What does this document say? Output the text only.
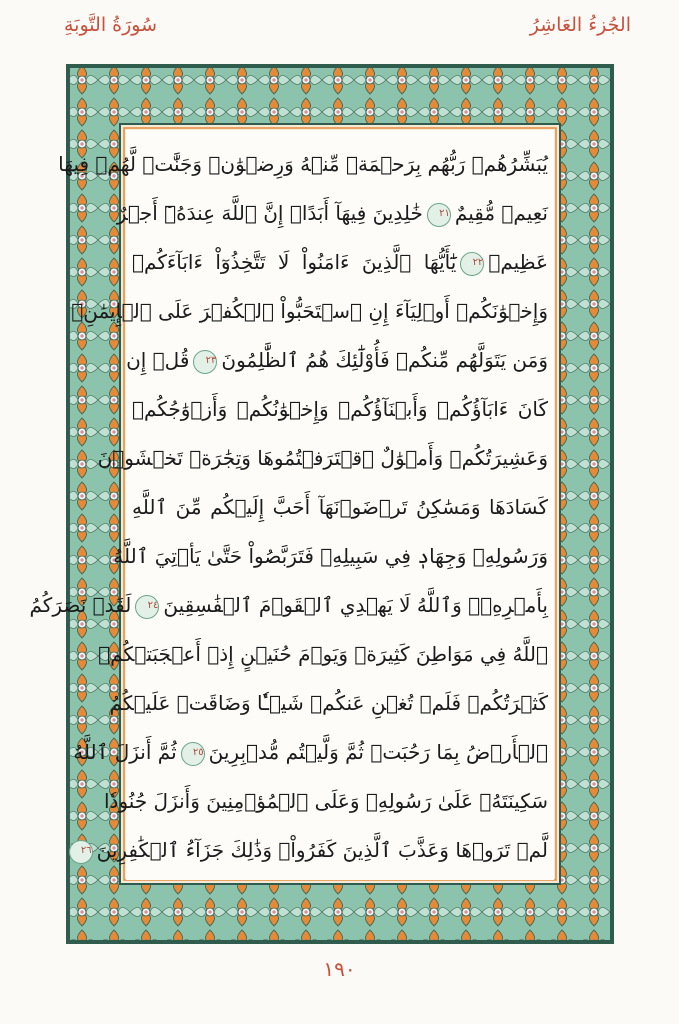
الجُزءُ العَاشِرُ
سُورَةُ التَّوبَةِ
يُبَشِّرُهُمۡ رَبُّهُم بِرَحۡمَةٖ مِّنۡهُ وَرِضۡوَٰنٖ وَجَنَّٰتٖ لَّهُمۡ فِيهَا
نَعِيمٞ مُّقِيمٌ٢١خَٰلِدِينَ فِيهَآ أَبَدًاۚ إِنَّ ٱللَّهَ عِندَهُۥٓ أَجۡرٌ
عَظِيمٞ٢٢يَٰٓأَيُّهَا ٱلَّذِينَ ءَامَنُواْ لَا تَتَّخِذُوٓاْ ءَابَآءَكُمۡ
وَإِخۡوَٰنَكُمۡ أَوۡلِيَآءَ إِنِ ٱسۡتَحَبُّواْ ٱلۡكُفۡرَ عَلَى ٱلۡإِيمَٰنِۚ
وَمَن يَتَوَلَّهُم مِّنكُمۡ فَأُوْلَٰٓئِكَ هُمُ ٱلظَّٰلِمُونَ٢٣قُلۡ إِن
كَانَ ءَابَآؤُكُمۡ وَأَبۡنَآؤُكُمۡ وَإِخۡوَٰنُكُمۡ وَأَزۡوَٰجُكُمۡ
وَعَشِيرَتُكُمۡ وَأَمۡوَٰلٌ ٱقۡتَرَفۡتُمُوهَا وَتِجَٰرَةٞ تَخۡشَوۡنَ
كَسَادَهَا وَمَسَٰكِنُ تَرۡضَوۡنَهَآ أَحَبَّ إِلَيۡكُم مِّنَ ٱللَّهِ
وَرَسُولِهِۦ وَجِهَادٖ فِي سَبِيلِهِۦ فَتَرَبَّصُواْ حَتَّىٰ يَأۡتِيَ ٱللَّهُ
بِأَمۡرِهِۦۗ وَٱللَّهُ لَا يَهۡدِي ٱلۡقَوۡمَ ٱلۡفَٰسِقِينَ٢٤لَقَدۡ نَصَرَكُمُ
ٱللَّهُ فِي مَوَاطِنَ كَثِيرَةٖ وَيَوۡمَ حُنَيۡنٍ إِذۡ أَعۡجَبَتۡكُمۡ
كَثۡرَتُكُمۡ فَلَمۡ تُغۡنِ عَنكُمۡ شَيۡـٔٗا وَضَاقَتۡ عَلَيۡكُمُ
ٱلۡأَرۡضُ بِمَا رَحُبَتۡ ثُمَّ وَلَّيۡتُم مُّدۡبِرِينَ٢٥ثُمَّ أَنزَلَ ٱللَّهُ
سَكِينَتَهُۥ عَلَىٰ رَسُولِهِۦ وَعَلَى ٱلۡمُؤۡمِنِينَ وَأَنزَلَ جُنُودٗا
لَّمۡ تَرَوۡهَا وَعَذَّبَ ٱلَّذِينَ كَفَرُواْۚ وَذَٰلِكَ جَزَآءُ ٱلۡكَٰفِرِينَ٢٦
١٩٠
